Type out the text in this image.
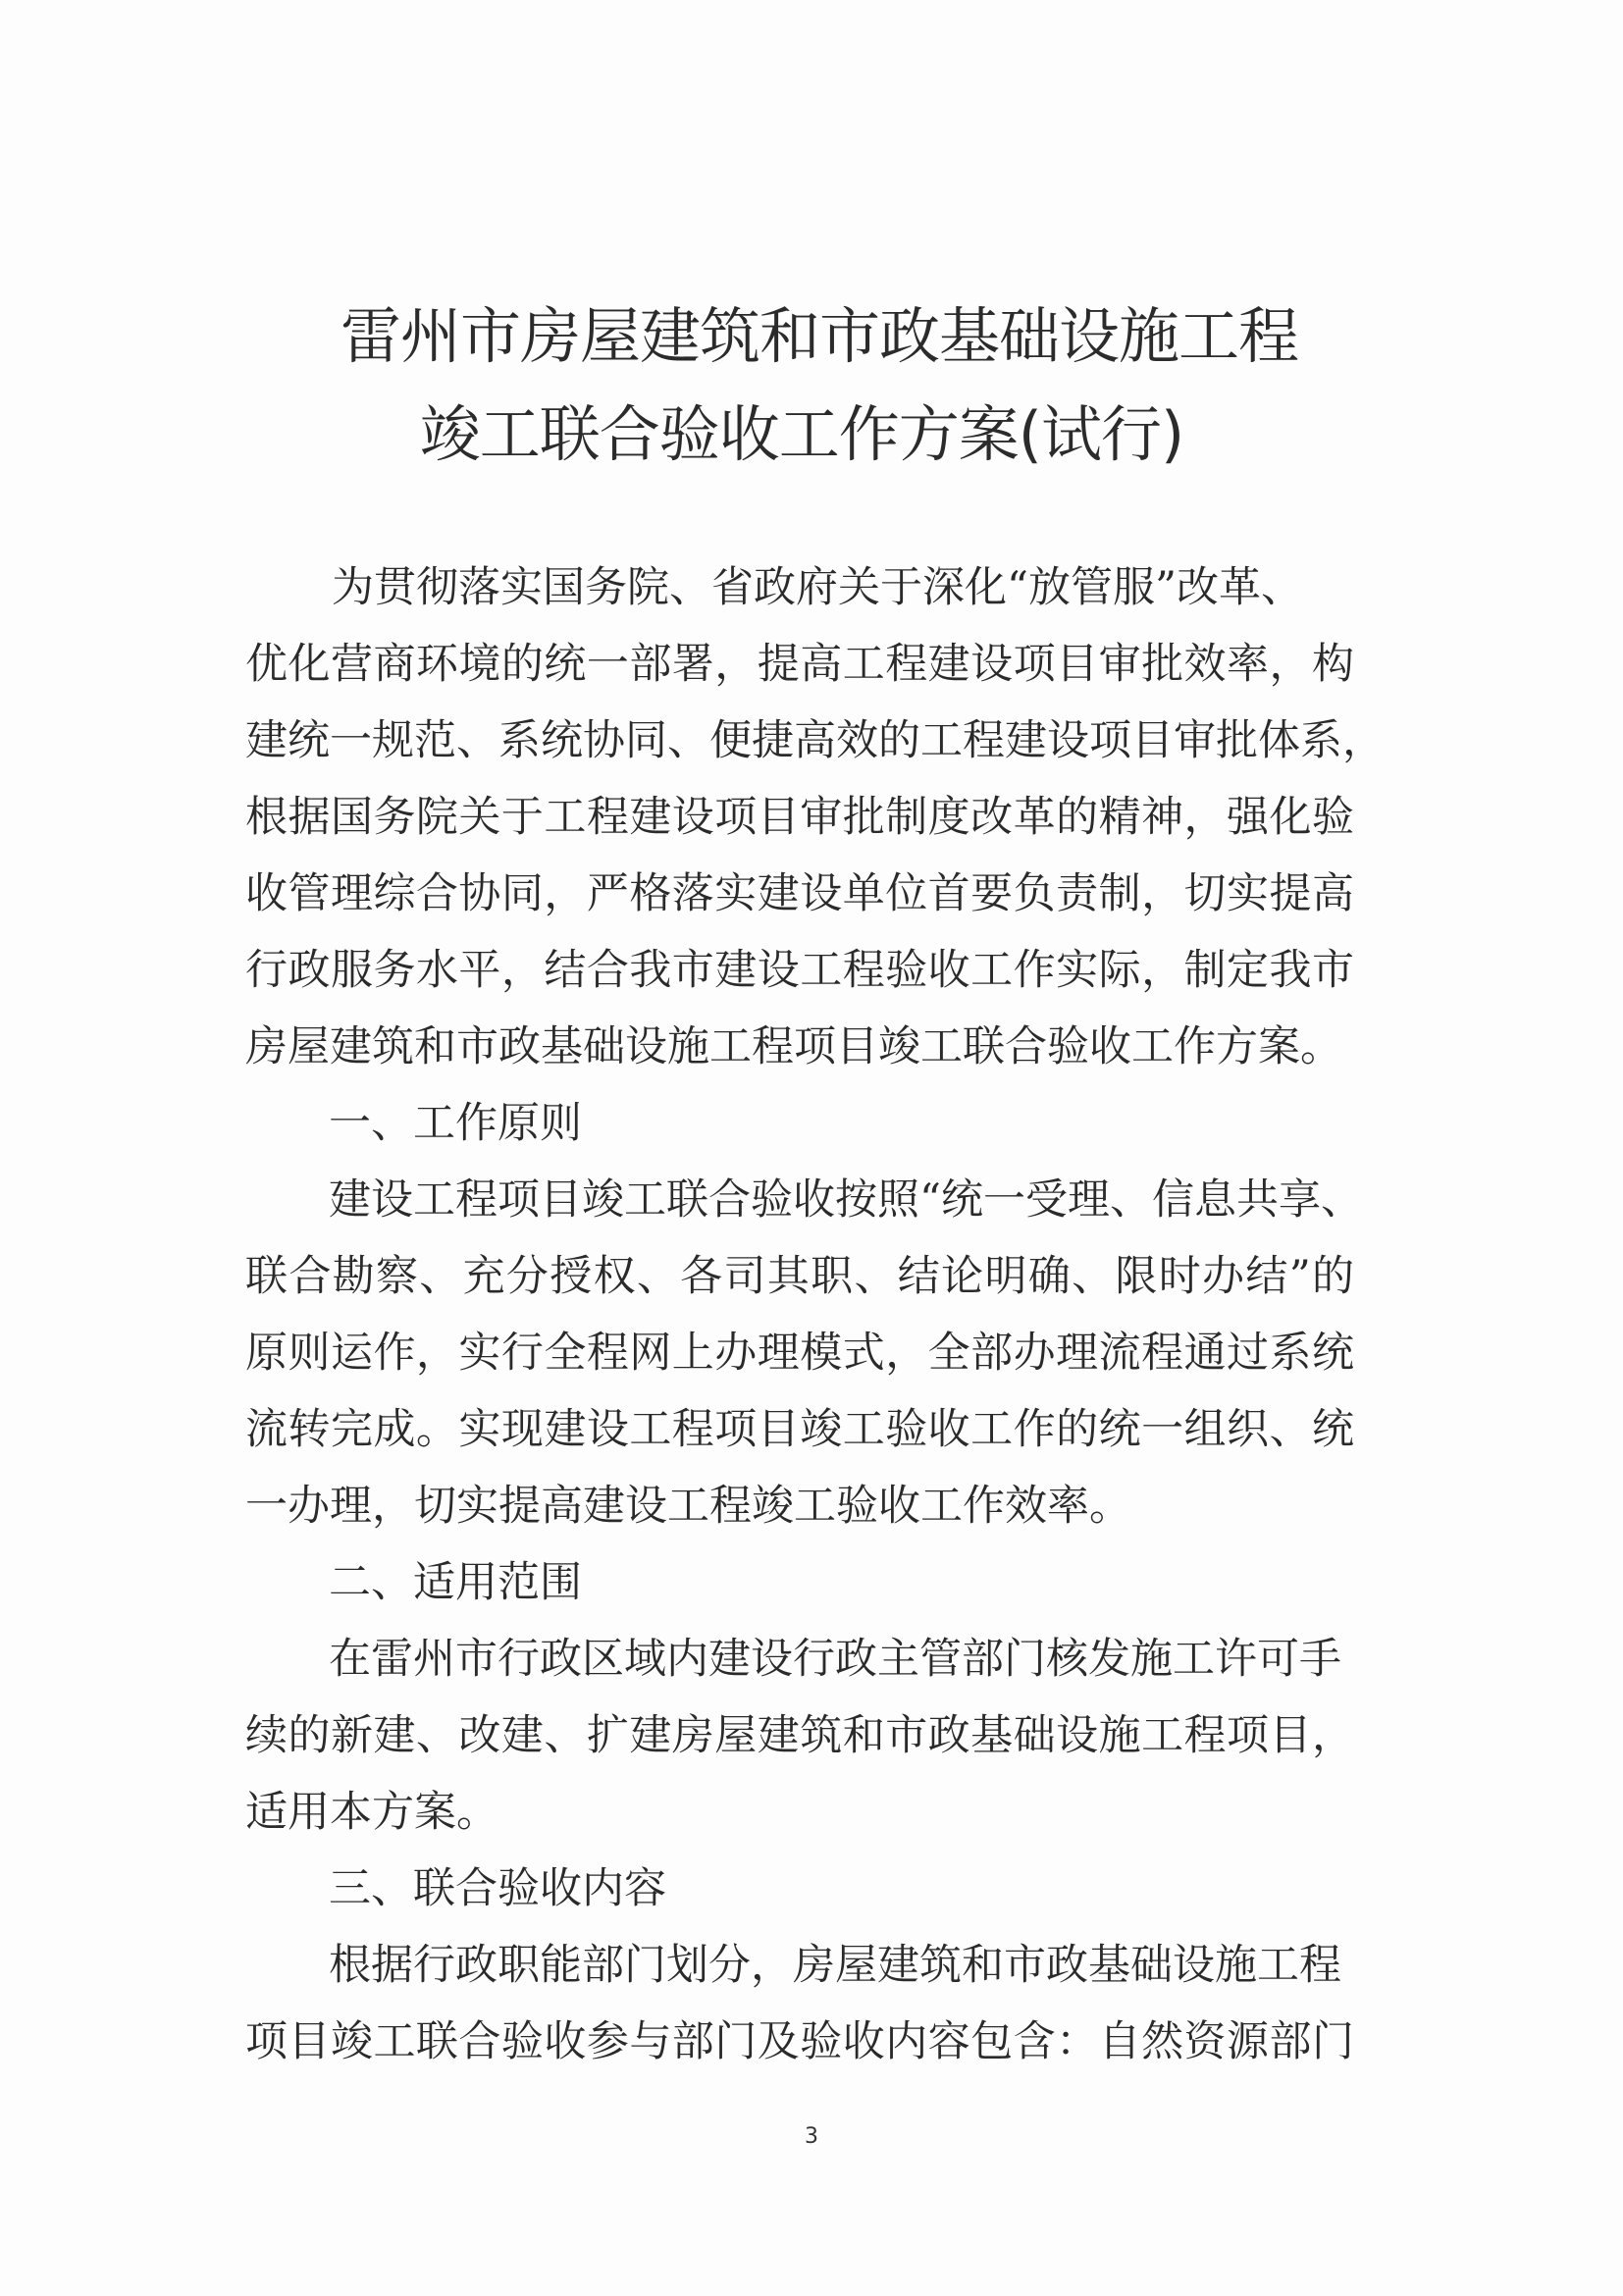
雷州市房屋建筑和市政基础设施工程
竣工联合验收工作方案(试行)
为贯彻落实国务院、省政府关于深化“放管服”改革、
优化营商环境的统一部署，提高工程建设项目审批效率，构
建统一规范、系统协同、便捷高效的工程建设项目审批体系，
根据国务院关于工程建设项目审批制度改革的精神，强化验
收管理综合协同，严格落实建设单位首要负责制，切实提高
行政服务水平，结合我市建设工程验收工作实际，制定我市
房屋建筑和市政基础设施工程项目竣工联合验收工作方案。
一、工作原则
建设工程项目竣工联合验收按照“统一受理、信息共享、
联合勘察、充分授权、各司其职、结论明确、限时办结”的
原则运作，实行全程网上办理模式，全部办理流程通过系统
流转完成。实现建设工程项目竣工验收工作的统一组织、统
一办理，切实提高建设工程竣工验收工作效率。
二、适用范围
在雷州市行政区域内建设行政主管部门核发施工许可手
续的新建、改建、扩建房屋建筑和市政基础设施工程项目，
适用本方案。
三、联合验收内容
根据行政职能部门划分，房屋建筑和市政基础设施工程
项目竣工联合验收参与部门及验收内容包含：自然资源部门
3
